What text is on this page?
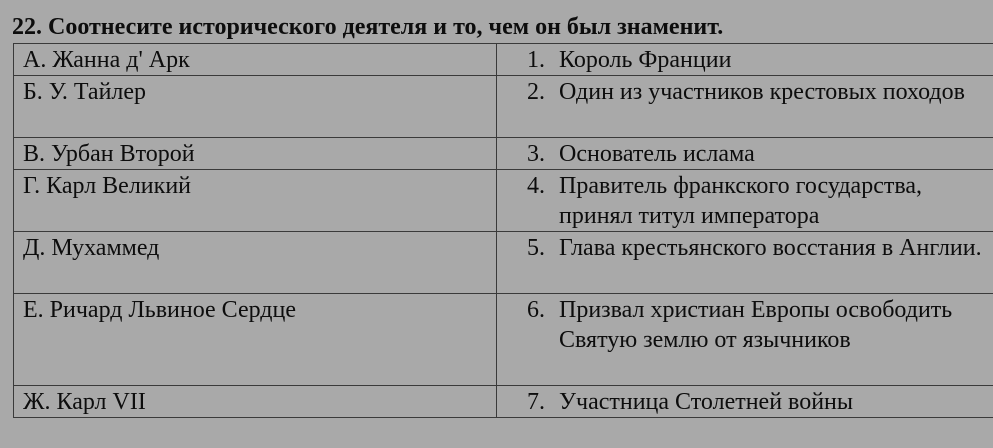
22. Соотнесите исторического деятеля и то, чем он был знаменит.
А. Жанна д' Арк	1. Король Франции

Б. У. Тайлер	2. Один из участников крестовых походов

В. Урбан Второй	3. Основатель ислама

Г. Карл Великий	4. Правитель франкского государства, принял титул императора

Д. Мухаммед	5. Глава крестьянского восстания в Англии.

Е. Ричард Львиное Сердце	6. Призвал христиан Европы освободить Святую землю от язычников

Ж. Карл VII	7. Участница Столетней войны
